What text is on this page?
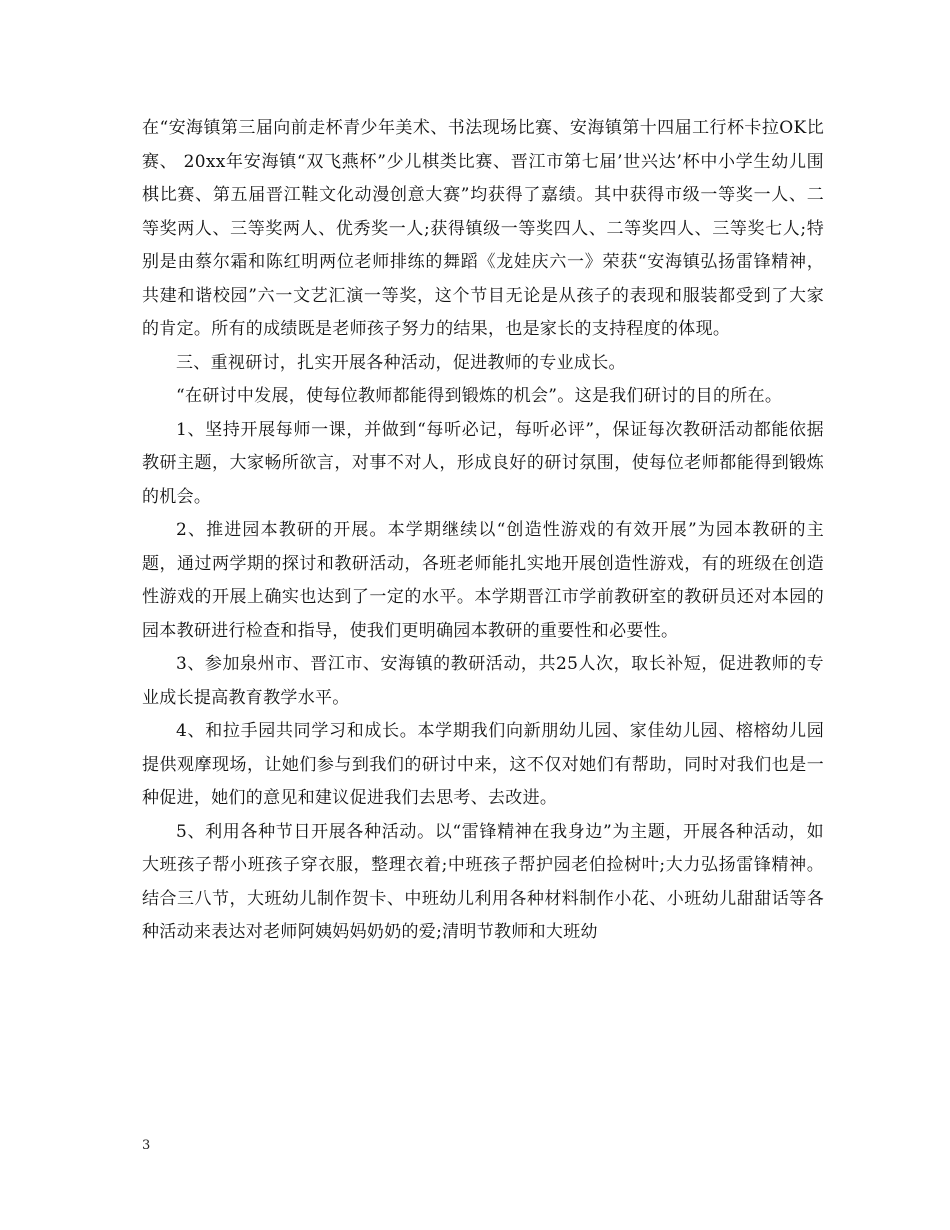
在“安海镇第三届向前走杯青少年美术、书法现场比赛、安海镇第十四届工行杯卡拉OK比赛、 20xx年安海镇“双飞燕杯”少儿棋类比赛、晋江市第七届’世兴达’杯中小学生幼儿围棋比赛、第五届晋江鞋文化动漫创意大赛”均获得了嘉绩。其中获得市级一等奖一人、二等奖两人、三等奖两人、优秀奖一人;获得镇级一等奖四人、二等奖四人、三等奖七人;特别是由蔡尔霜和陈红明两位老师排练的舞蹈《龙娃庆六一》荣获“安海镇弘扬雷锋精神，共建和谐校园”六一文艺汇演一等奖，这个节目无论是从孩子的表现和服装都受到了大家的肯定。所有的成绩既是老师孩子努力的结果，也是家长的支持程度的体现。

三、重视研讨，扎实开展各种活动，促进教师的专业成长。

“在研讨中发展，使每位教师都能得到锻炼的机会”。这是我们研讨的目的所在。

1、坚持开展每师一课，并做到“每听必记，每听必评”，保证每次教研活动都能依据教研主题，大家畅所欲言，对事不对人，形成良好的研讨氛围，使每位老师都能得到锻炼的机会。

2、推进园本教研的开展。本学期继续以“创造性游戏的有效开展”为园本教研的主题，通过两学期的探讨和教研活动，各班老师能扎实地开展创造性游戏，有的班级在创造性游戏的开展上确实也达到了一定的水平。本学期晋江市学前教研室的教研员还对本园的园本教研进行检查和指导，使我们更明确园本教研的重要性和必要性。

3、参加泉州市、晋江市、安海镇的教研活动，共25人次，取长补短，促进教师的专业成长提高教育教学水平。

4、和拉手园共同学习和成长。本学期我们向新朋幼儿园、家佳幼儿园、榕榕幼儿园提供观摩现场，让她们参与到我们的研讨中来，这不仅对她们有帮助，同时对我们也是一种促进，她们的意见和建议促进我们去思考、去改进。

5、利用各种节日开展各种活动。以“雷锋精神在我身边”为主题，开展各种活动，如大班孩子帮小班孩子穿衣服，整理衣着;中班孩子帮护园老伯捡树叶;大力弘扬雷锋精神。结合三八节，大班幼儿制作贺卡、中班幼儿利用各种材料制作小花、小班幼儿甜甜话等各种活动来表达对老师阿姨妈妈奶奶的爱;清明节教师和大班幼

3
